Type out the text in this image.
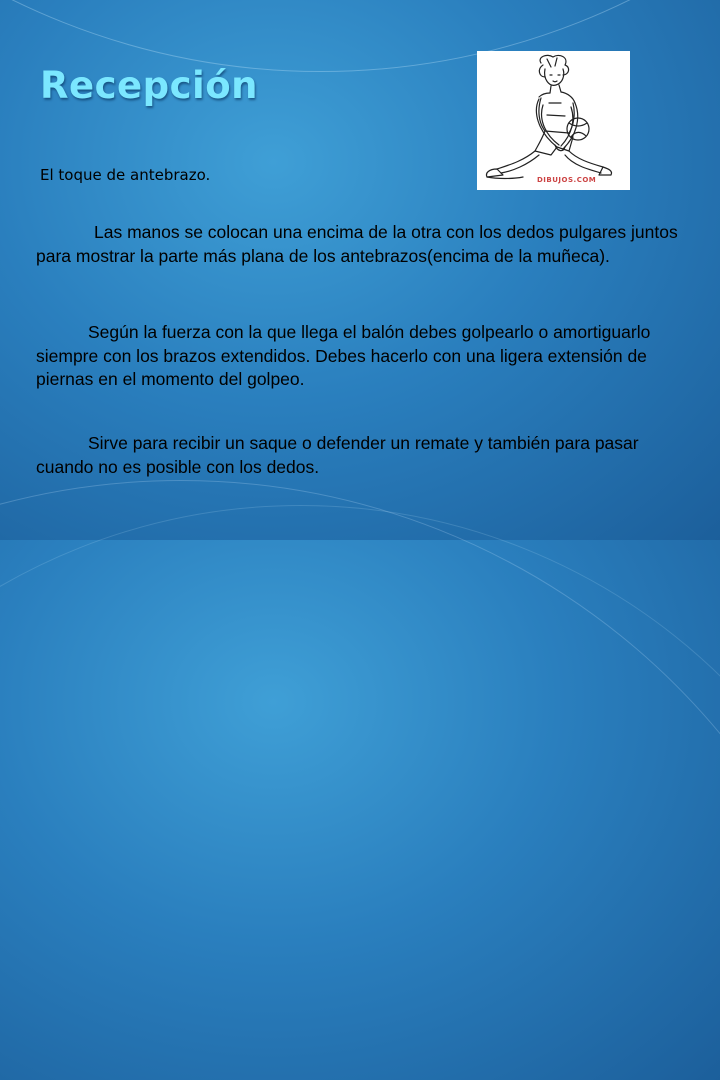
Recepción
DIBUJOS.COM

El toque de antebrazo.

Las manos se colocan una encima de la otra con los dedos pulgares juntos para mostrar la parte más plana de los antebrazos(encima de la muñeca).

Según la fuerza con la que llega el balón debes golpearlo o amortiguarlo siempre con los brazos extendidos. Debes hacerlo con una ligera extensión de piernas en el momento del golpeo.

Sirve para recibir un saque o defender un remate y también para pasar cuando no es posible con los dedos.
